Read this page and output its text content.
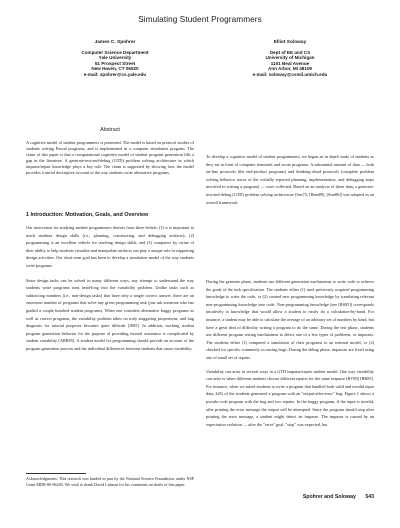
Simulating Student Programmers
James C. Spohrer
Computer Science Department
Yale University
51 Prospect Street
New Haven, CT 06520
e-mail: spohrer@cs.yale.edu
Elliot Soloway
Dept of EE and CS
University of Michigan
1101 Beal Avenue
Ann Arbor, MI 48109
e-mail: soloway@csmil.umich.edu
Abstract

A cognitive model of student programmers is presented. The model is based on protocol studies of students writing Pascal programs, and is implemented in a computer simulation program. The claim of this paper is that a computational cognitive model of student program generation fills a gap in the literature. A generate-test-and-debug (GTD) problem solving architecture in which impasse/repair knowledge plays a key role. The claim is supported by showing how the model provides a useful descriptive account of the way students write alternative programs.

1 Introduction: Motivation, Goals, and Overview

Our motivation for studying student programmers derives from three beliefs: (1) it is important to teach students design skills (i.e., planning, constructing, and debugging artifacts); (2) programming is an excellent vehicle for teaching design skills; and (3) computers by virtue of their ability to help students visualize and manipulate artifacts can play a unique role in supporting design activities. Our short term goal has been to develop a simulation model of the way students write programs.

Since design tasks can be solved in many different ways, any attempt to understand the way students write programs runs head-long into the variability problem. Unlike tasks such as subtracting numbers (i.e., non-design tasks) that have only a single correct answer, there are an enormous number of programs that solve any given programming task (just ask someone who has graded a couple hundred student programs). When one considers alternative buggy programs as well as correct programs, the variability problem takes on truly staggering proportions, and bug diagnosis for tutorial purposes becomes quite difficult [JS85]. In addition, tracking student program generation behavior for the purpose of providing tutorial assistance is complicated by student variability [ABR85]. A student model for programming should provide an account of the program generation process and the individual differences between students that cause variability.

Acknowledgments: This research was funded in part by the National Science Foundation, under NSF Grant MDR-86-96240. We wish to thank David Littman for his comments on drafts of this paper.

To develop a cognitive model of student programmers, we began an in depth study of students as they sat in front of computer terminals and wrote programs. A substantial amount of data — both on-line protocols (the end-product programs) and thinking-aloud protocols (complete problem solving behavior traces of the verbally reported planning, implementation, and debugging steps involved in writing a program) — were collected. Based on an analysis of these data, a generate-test-and-debug (GTD) problem solving architecture [Sus75; [Ham89], [Sim86]] was adopted as an overall framework.

During the generate phase, students use different generation mechanisms to write code to achieve the goals of the task specification. The students either (1) used previously acquired programming knowledge to write the code, or (2) created new programming knowledge by translating relevant non-programming knowledge into code. Non-programming knowledge (see [RS85]) corresponds intuitively to knowledge that would allow a student to easily do a calculation-by-hand. For instance, a student may be able to calculate the average of an arbitrary set of numbers by hand, but have a great deal of difficulty writing a program to do the same. During the test phase, students use different program testing mechanisms to detect one of a few types of problems, or impasses. The students either (1) compared a simulation of their programs to an internal model, or (2) checked for specific commonly occurring bugs. During the debug phase, impasses are fixed using one of small set of repairs.

Variability can arise in several ways in a GTD impasse/repair student model. One way variability can arise is when different students choose different repairs for the same impasse [BV80] [BR85]. For instance, when we asked students to write a program that handled both valid and invalid input data, 42% of the students generated a program with an "output-after-error" bug. Figure 1 shows a pseudo-code program with the bug and two repairs. In the buggy program, if the input is invalid, after printing the error message the output will be attempted. Since the program should stop after printing the error message, a student might detect an impasse. The impasse is caused by an expectation violation — after the "error" goal, "stop" was expected, but

Spohrer and Soloway 543
